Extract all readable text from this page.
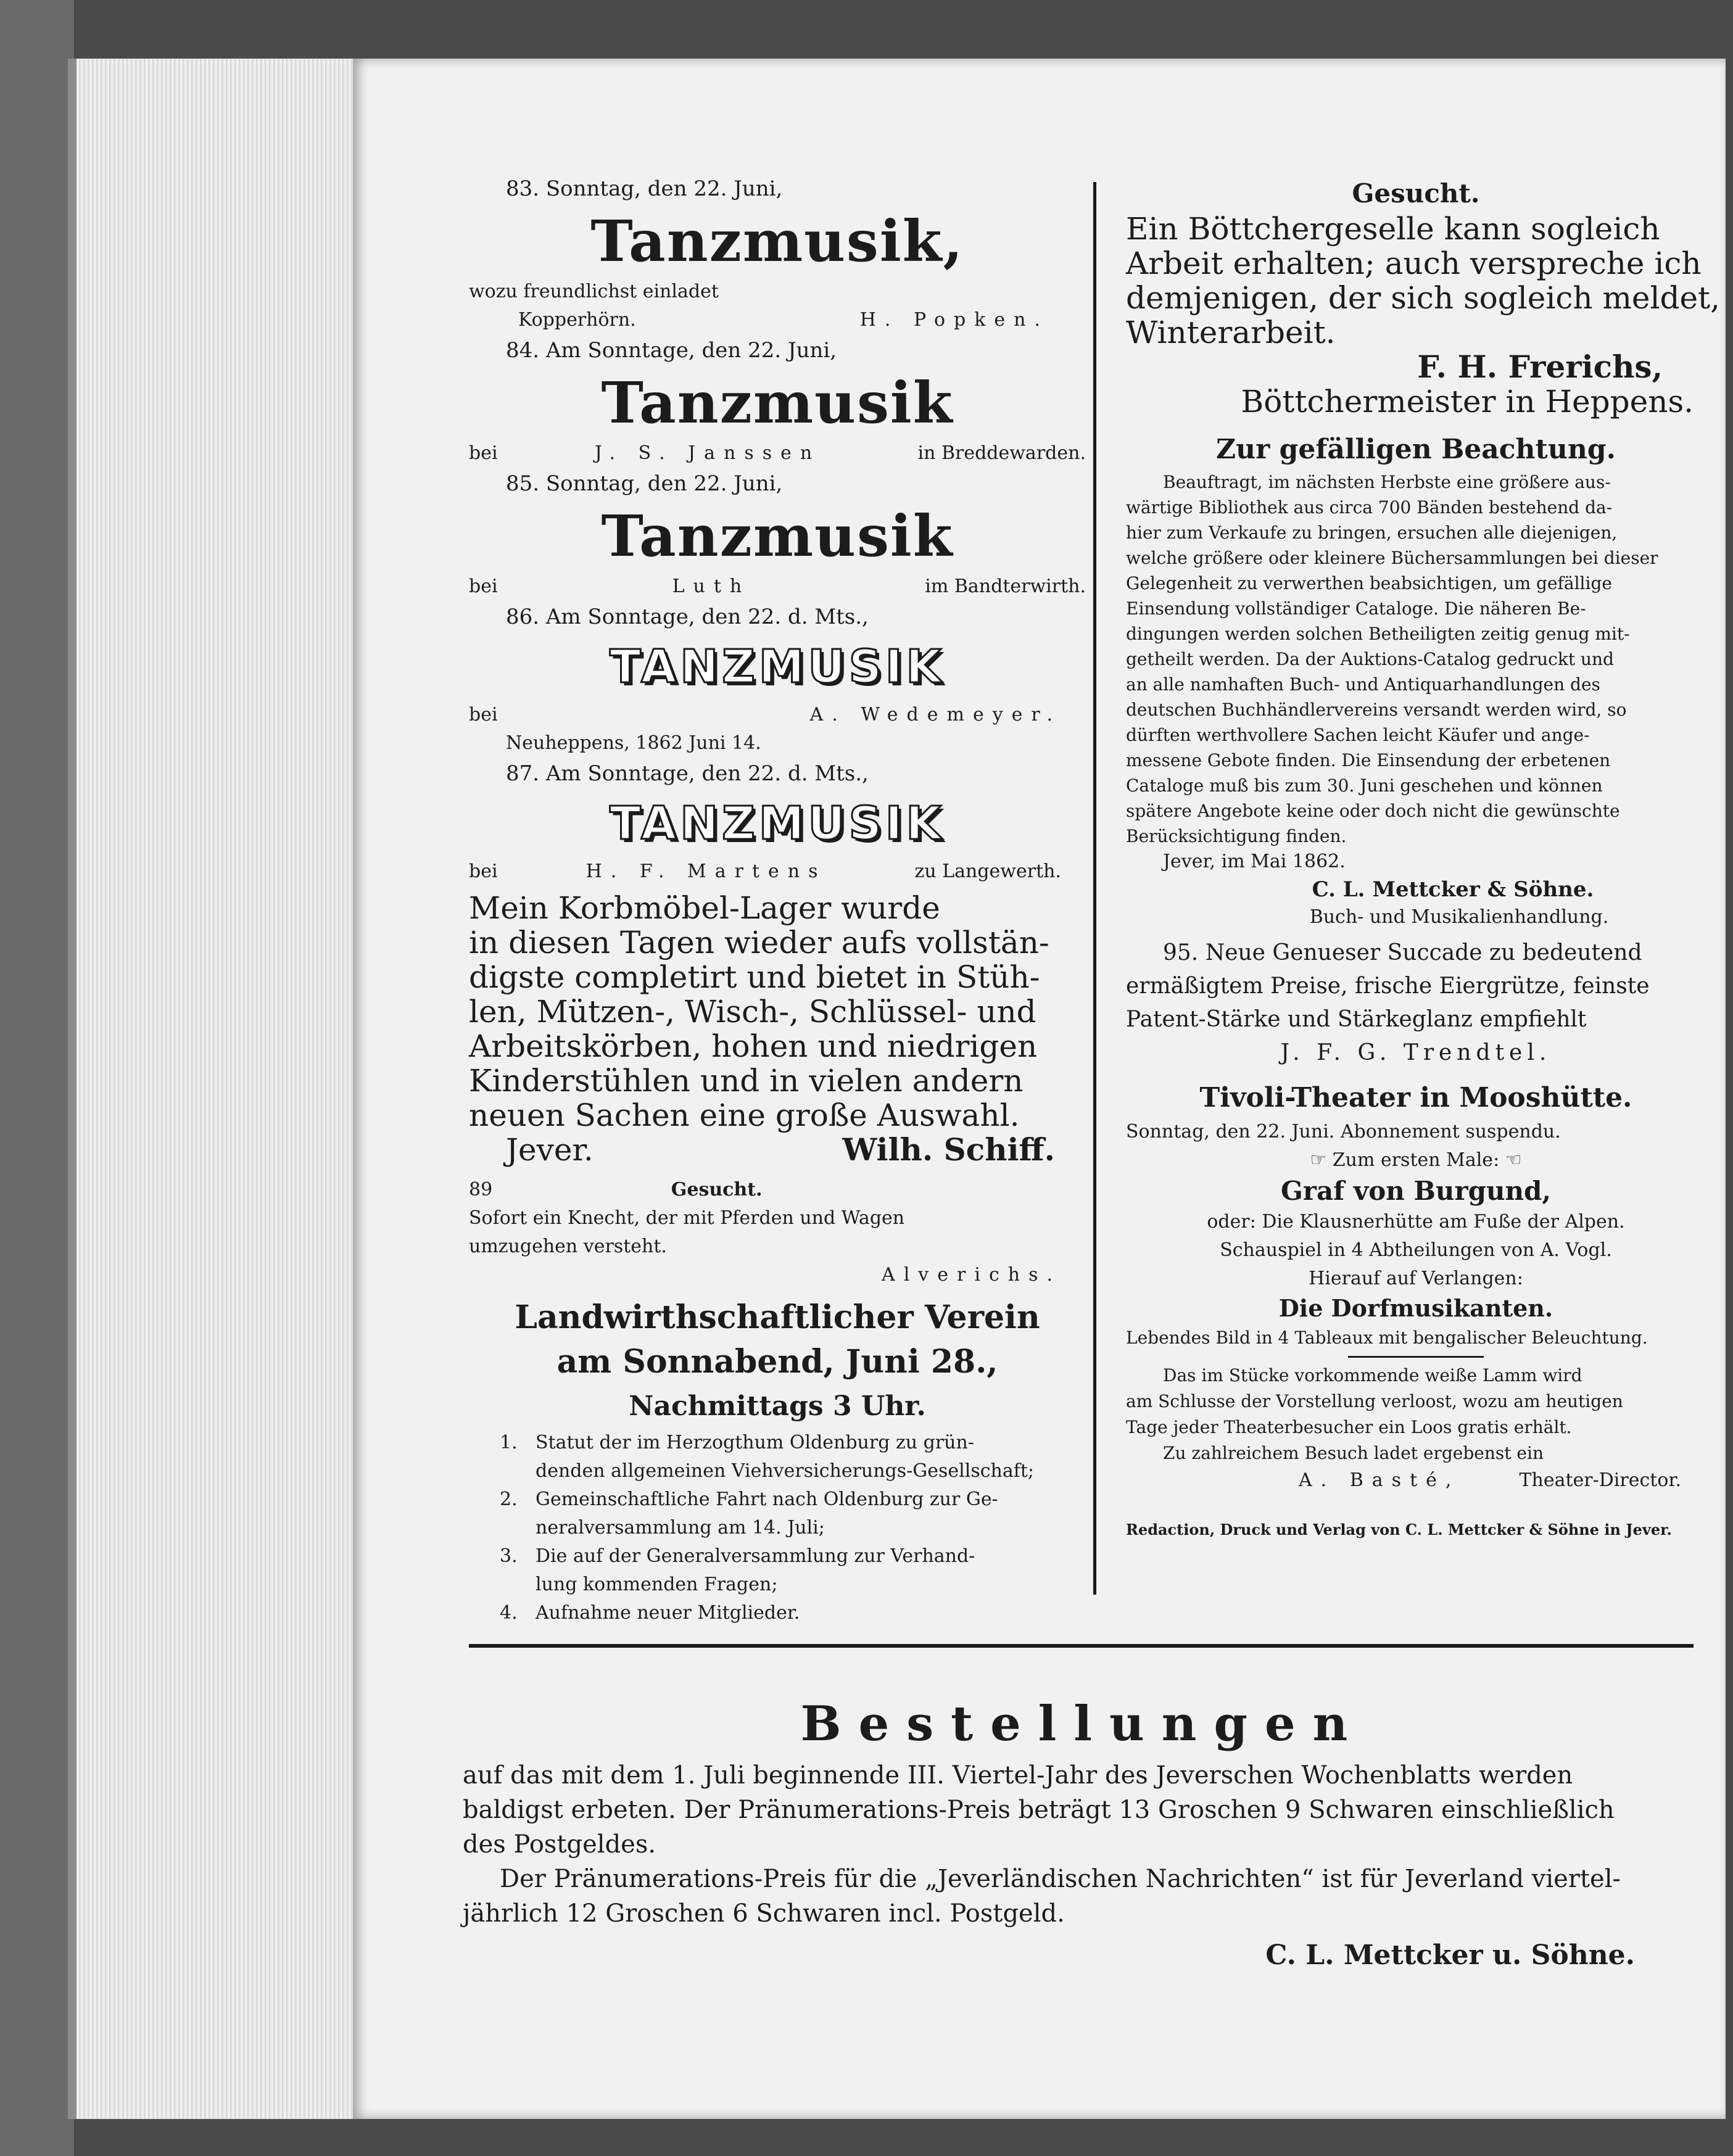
83. Sonntag, den 22. Juni,
Tanzmusik,
wozu freundlichst einladet
Kopperhörn.	H. Popken.
84. Am Sonntage, den 22. Juni,
Tanzmusik
bei	J. S. Janssen	in Breddewarden.
85. Sonntag, den 22. Juni,
Tanzmusik
bei	Luth	im Bandterwirth.
86. Am Sonntage, den 22. d. Mts.,
TANZMUSIK
bei	A. Wedemeyer.
Neuheppens, 1862 Juni 14.
87. Am Sonntage, den 22. d. Mts.,
TANZMUSIK
bei	H. F. Martens	zu Langewerth.
Mein Korbmöbel-Lager wurde
in diesen Tagen wieder aufs vollstän-
digste completirt und bietet in Stüh-
len, Mützen-, Wisch-, Schlüssel- und
Arbeitskörben, hohen und niedrigen
Kinderstühlen und in vielen andern
neuen Sachen eine große Auswahl.
Jever.	Wilh. Schiff.
89	Gesucht.
Sofort ein Knecht, der mit Pferden und Wagen
umzugehen versteht.
Alverichs.
Landwirthschaftlicher Verein
am Sonnabend, Juni 28.,
Nachmittags 3 Uhr.
1. Statut der im Herzogthum Oldenburg zu grün-
denden allgemeinen Viehversicherungs-Gesellschaft;
2. Gemeinschaftliche Fahrt nach Oldenburg zur Ge-
neralversammlung am 14. Juli;
3. Die auf der Generalversammlung zur Verhand-
lung kommenden Fragen;
4. Aufnahme neuer Mitglieder.
Gesucht.
Ein Böttchergeselle kann sogleich
Arbeit erhalten; auch verspreche ich
demjenigen, der sich sogleich meldet,
Winterarbeit.
F. H. Frerichs,
Böttchermeister in Heppens.
Zur gefälligen Beachtung.
Beauftragt, im nächsten Herbste eine größere aus-
wärtige Bibliothek aus circa 700 Bänden bestehend da-
hier zum Verkaufe zu bringen, ersuchen alle diejenigen,
welche größere oder kleinere Büchersammlungen bei dieser
Gelegenheit zu verwerthen beabsichtigen, um gefällige
Einsendung vollständiger Cataloge. Die näheren Be-
dingungen werden solchen Betheiligten zeitig genug mit-
getheilt werden. Da der Auktions-Catalog gedruckt und
an alle namhaften Buch- und Antiquarhandlungen des
deutschen Buchhändlervereins versandt werden wird, so
dürften werthvollere Sachen leicht Käufer und ange-
messene Gebote finden. Die Einsendung der erbetenen
Cataloge muß bis zum 30. Juni geschehen und können
spätere Angebote keine oder doch nicht die gewünschte
Berücksichtigung finden.
Jever, im Mai 1862.
C. L. Mettcker & Söhne.
Buch- und Musikalienhandlung.
95. Neue Genueser Succade zu bedeutend
ermäßigtem Preise, frische Eiergrütze, feinste
Patent-Stärke und Stärkeglanz empfiehlt
J. F. G. Trendtel.
Tivoli-Theater in Mooshütte.
Sonntag, den 22. Juni. Abonnement suspendu.
☞ Zum ersten Male: ☜
Graf von Burgund,
oder: Die Klausnerhütte am Fuße der Alpen.
Schauspiel in 4 Abtheilungen von A. Vogl.
Hierauf auf Verlangen:
Die Dorfmusikanten.
Lebendes Bild in 4 Tableaux mit bengalischer Beleuchtung.
Das im Stücke vorkommende weiße Lamm wird
am Schlusse der Vorstellung verloost, wozu am heutigen
Tage jeder Theaterbesucher ein Loos gratis erhält.
Zu zahlreichem Besuch ladet ergebenst ein
A. Basté,	Theater-Director.
Redaction, Druck und Verlag von C. L. Mettcker & Söhne in Jever.
Bestellungen
auf das mit dem 1. Juli beginnende III. Viertel-Jahr des Jeverschen Wochenblatts werden
baldigst erbeten. Der Pränumerations-Preis beträgt 13 Groschen 9 Schwaren einschließlich
des Postgeldes.
Der Pränumerations-Preis für die „Jeverländischen Nachrichten“ ist für Jeverland viertel-
jährlich 12 Groschen 6 Schwaren incl. Postgeld.
C. L. Mettcker u. Söhne.
